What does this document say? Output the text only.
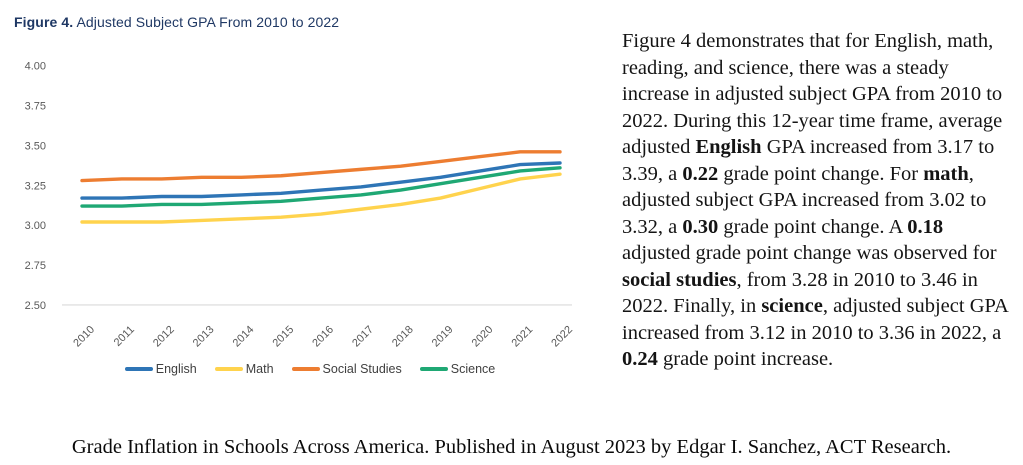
Figure 4. Adjusted Subject GPA From 2010 to 2022
4.00
3.75
3.50
3.25
3.00
2.75
2.50
2010 2011 2012 2013 2014 2015 2016 2017 2018 2019 2020 2021 2022
English	Math	Social Studies	Science

Figure 4 demonstrates that for English, math, reading, and science, there was a steady increase in adjusted subject GPA from 2010 to 2022. During this 12-year time frame, average adjusted English GPA increased from 3.17 to 3.39, a 0.22 grade point change. For math, adjusted subject GPA increased from 3.02 to 3.32, a 0.30 grade point change. A 0.18 adjusted grade point change was observed for social studies, from 3.28 in 2010 to 3.46 in 2022. Finally, in science, adjusted subject GPA increased from 3.12 in 2010 to 3.36 in 2022, a 0.24 grade point increase.

Grade Inflation in Schools Across America. Published in August 2023 by Edgar I. Sanchez, ACT Research.
